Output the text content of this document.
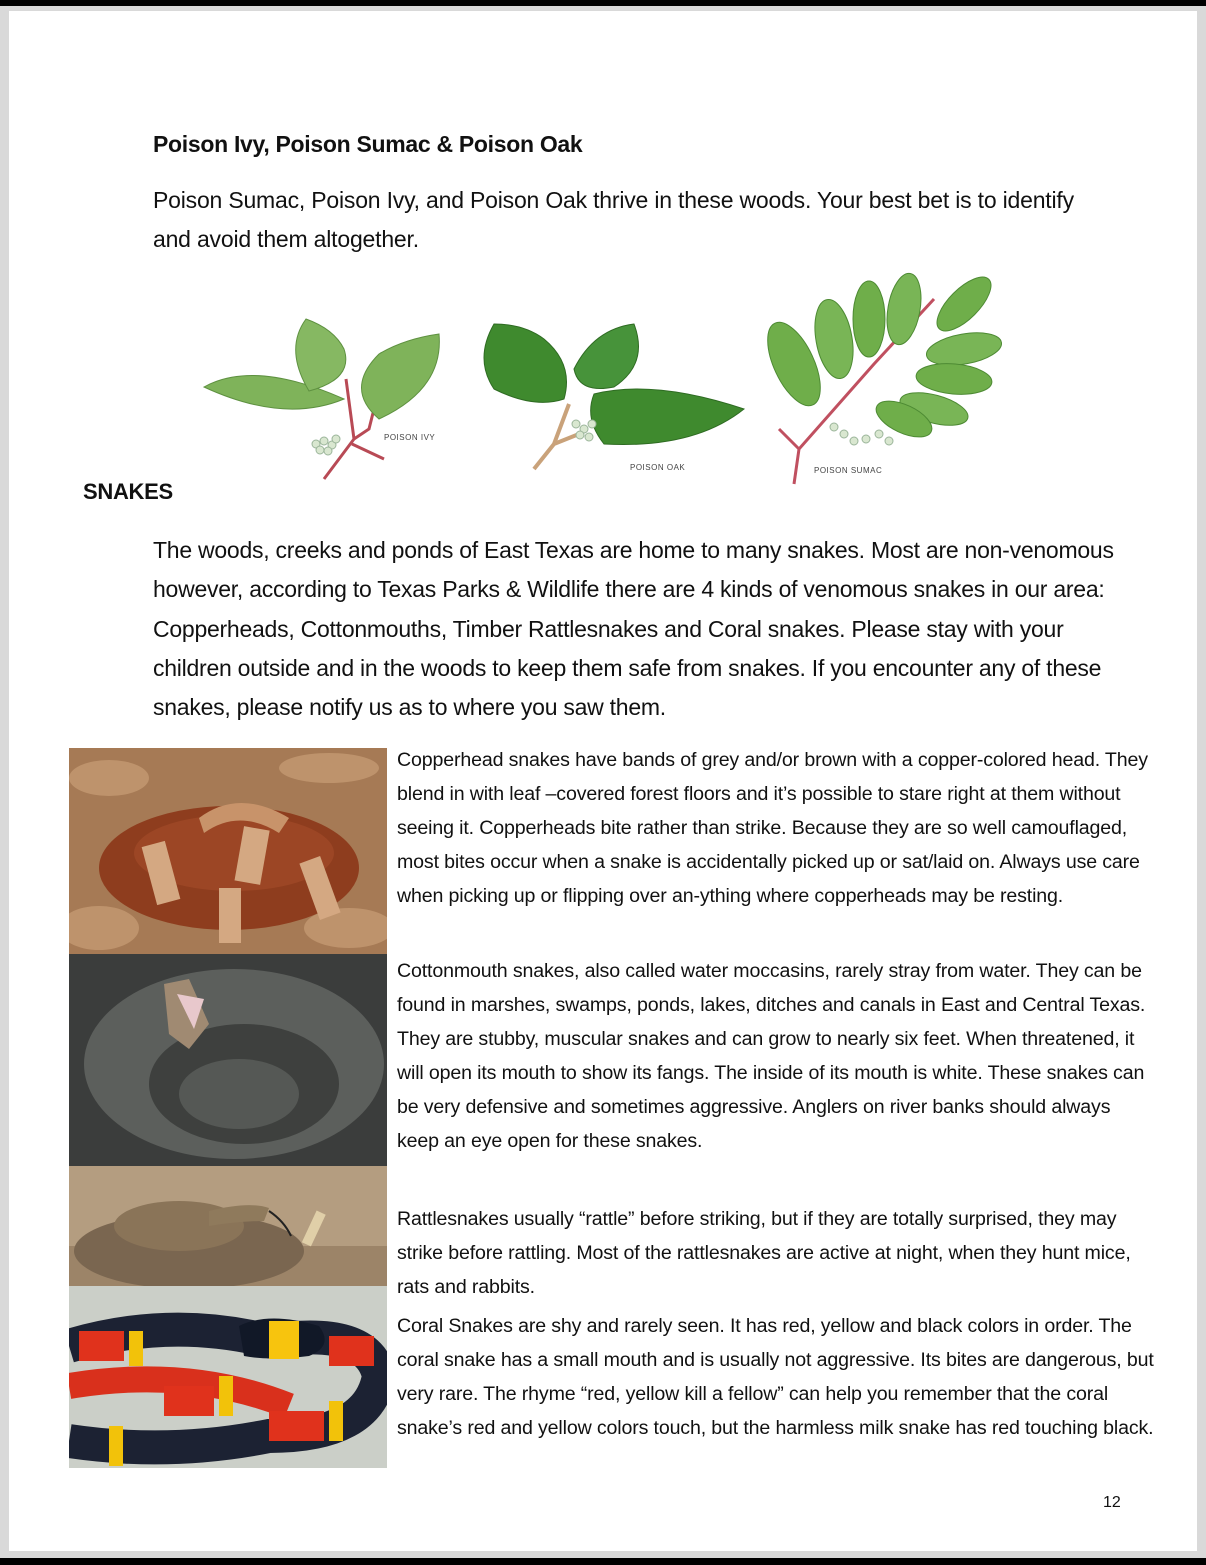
Poison Ivy, Poison Sumac & Poison Oak
Poison Sumac, Poison Ivy, and Poison Oak thrive in these woods. Your best bet is to identify and avoid them altogether.
POISON IVY
POISON OAK	POISON SUMAC
SNAKES
The woods, creeks and ponds of East Texas are home to many snakes. Most are non-venomous however, according to Texas Parks & Wildlife there are 4 kinds of venomous snakes in our area: Copperheads, Cottonmouths, Timber Rattlesnakes and Coral snakes. Please stay with your children outside and in the woods to keep them safe from snakes. If you encounter any of these snakes, please notify us as to where you saw them.
Copperhead snakes have bands of grey and/or brown with a copper-colored head. They blend in with leaf –covered forest floors and it’s possible to stare right at them without seeing it. Copperheads bite rather than strike. Because they are so well camouflaged, most bites occur when a snake is accidentally picked up or sat/laid on. Always use care when picking up or flipping over an-ything where copperheads may be resting.
Cottonmouth snakes, also called water moccasins, rarely stray from water. They can be found in marshes, swamps, ponds, lakes, ditches and canals in East and Central Texas. They are stubby, muscular snakes and can grow to nearly six feet. When threatened, it will open its mouth to show its fangs. The inside of its mouth is white. These snakes can be very defensive and sometimes aggressive. Anglers on river banks should always keep an eye open for these snakes.
Rattlesnakes usually “rattle” before striking, but if they are totally surprised, they may strike before rattling. Most of the rattlesnakes are active at night, when they hunt mice, rats and rabbits.
Coral Snakes are shy and rarely seen. It has red, yellow and black colors in order. The coral snake has a small mouth and is usually not aggressive. Its bites are dangerous, but very rare. The rhyme “red, yellow kill a fellow” can help you remember that the coral snake’s red and yellow colors touch, but the harmless milk snake has red touching black.
12
